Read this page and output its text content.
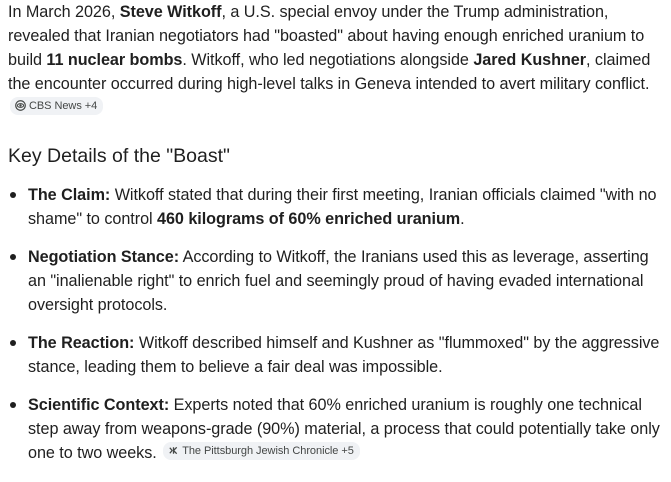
In March 2026, Steve Witkoff, a U.S. special envoy under the Trump administration, revealed that Iranian negotiators had "boasted" about having enough enriched uranium to build 11 nuclear bombs. Witkoff, who led negotiations alongside Jared Kushner, claimed the encounter occurred during high-level talks in Geneva intended to avert military conflict.
CBS News +4
Key Details of the "Boast"
The Claim: Witkoff stated that during their first meeting, Iranian officials claimed "with no shame" to control 460 kilograms of 60% enriched uranium.
Negotiation Stance: According to Witkoff, the Iranians used this as leverage, asserting an "inalienable right" to enrich fuel and seemingly proud of having evaded international oversight protocols.
The Reaction: Witkoff described himself and Kushner as "flummoxed" by the aggressive stance, leading them to believe a fair deal was impossible.
Scientific Context: Experts noted that 60% enriched uranium is roughly one technical step away from weapons-grade (90%) material, a process that could potentially take only one to two weeks. The Pittsburgh Jewish Chronicle +5
